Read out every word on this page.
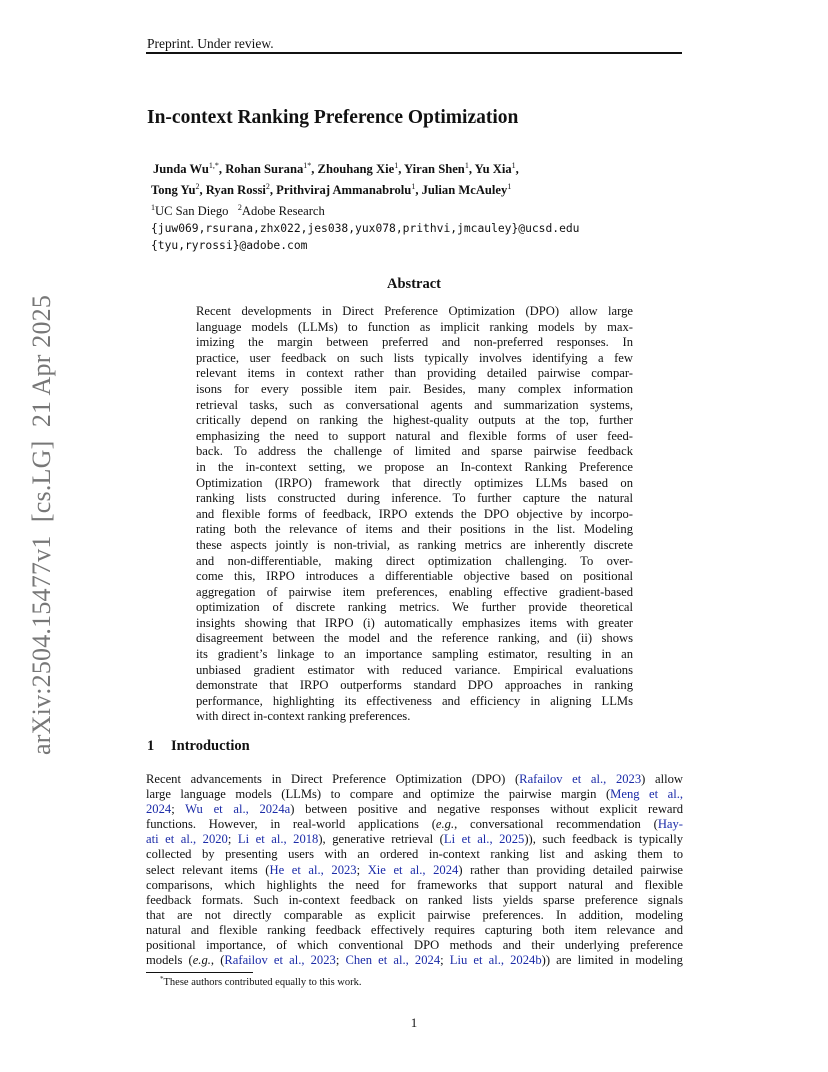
Preprint. Under review.
arXiv:2504.15477v1  [cs.LG]  21 Apr 2025
In-context Ranking Preference Optimization
Junda $Wu^{1,*}$, Rohan Surana$^{1*}$, Zhouhang Xie$^1$, Yiran Shen$^1$, Yu Xia$^1$,
Tong Yu$^2$, Ryan Rossi$^2$, Prithviraj Ammanabrolu$^1$, Julian McAuley$^1$
$^1$UC San Diego $^2$Adobe Research
{juw069,rsurana,zhx022,jes038,yux078,prithvi,jmcauley}@ucsd.edu
{tyu,ryrossi}@adobe.com
Abstract
Recent developments in Direct Preference Optimization (DPO) allow large
language models (LLMs) to function as implicit ranking models by max-
imizing the margin between preferred and non-preferred responses. In
practice, user feedback on such lists typically involves identifying a few
relevant items in context rather than providing detailed pairwise compar-
isons for every possible item pair. Besides, many complex information
retrieval tasks, such as conversational agents and summarization systems,
critically depend on ranking the highest-quality outputs at the top, further
emphasizing the need to support natural and flexible forms of user feed-
back. To address the challenge of limited and sparse pairwise feedback
in the in-context setting, we propose an In-context Ranking Preference
Optimization (IRPO) framework that directly optimizes LLMs based on
ranking lists constructed during inference. To further capture the natural
and flexible forms of feedback, IRPO extends the DPO objective by incorpo-
rating both the relevance of items and their positions in the list. Modeling
these aspects jointly is non-trivial, as ranking metrics are inherently discrete
and non-differentiable, making direct optimization challenging. To over-
come this, IRPO introduces a differentiable objective based on positional
aggregation of pairwise item preferences, enabling effective gradient-based
optimization of discrete ranking metrics. We further provide theoretical
insights showing that IRPO (i) automatically emphasizes items with greater
disagreement between the model and the reference ranking, and (ii) shows
its gradient’s linkage to an importance sampling estimator, resulting in an
unbiased gradient estimator with reduced variance. Empirical evaluations
demonstrate that IRPO outperforms standard DPO approaches in ranking
performance, highlighting its effectiveness and efficiency in aligning LLMs
with direct in-context ranking preferences.
1 Introduction
Recent advancements in Direct Preference Optimization (DPO) (Rafailov et al., 2023) allow
large language models (LLMs) to compare and optimize the pairwise margin (Meng et al.,
2024; Wu et al., 2024a) between positive and negative responses without explicit reward
functions. However, in real-world applications (e.g., conversational recommendation (Hay-
ati et al., 2020; Li et al., 2018), generative retrieval (Li et al., 2025)), such feedback is typically
collected by presenting users with an ordered in-context ranking list and asking them to
select relevant items (He et al., 2023; Xie et al., 2024) rather than providing detailed pairwise
comparisons, which highlights the need for frameworks that support natural and flexible
feedback formats. Such in-context feedback on ranked lists yields sparse preference signals
that are not directly comparable as explicit pairwise preferences. In addition, modeling
natural and flexible ranking feedback effectively requires capturing both item relevance and
positional importance, of which conventional DPO methods and their underlying preference
models (e.g., (Rafailov et al., 2023; Chen et al., 2024; Liu et al., 2024b)) are limited in modeling
*These authors contributed equally to this work.
1
